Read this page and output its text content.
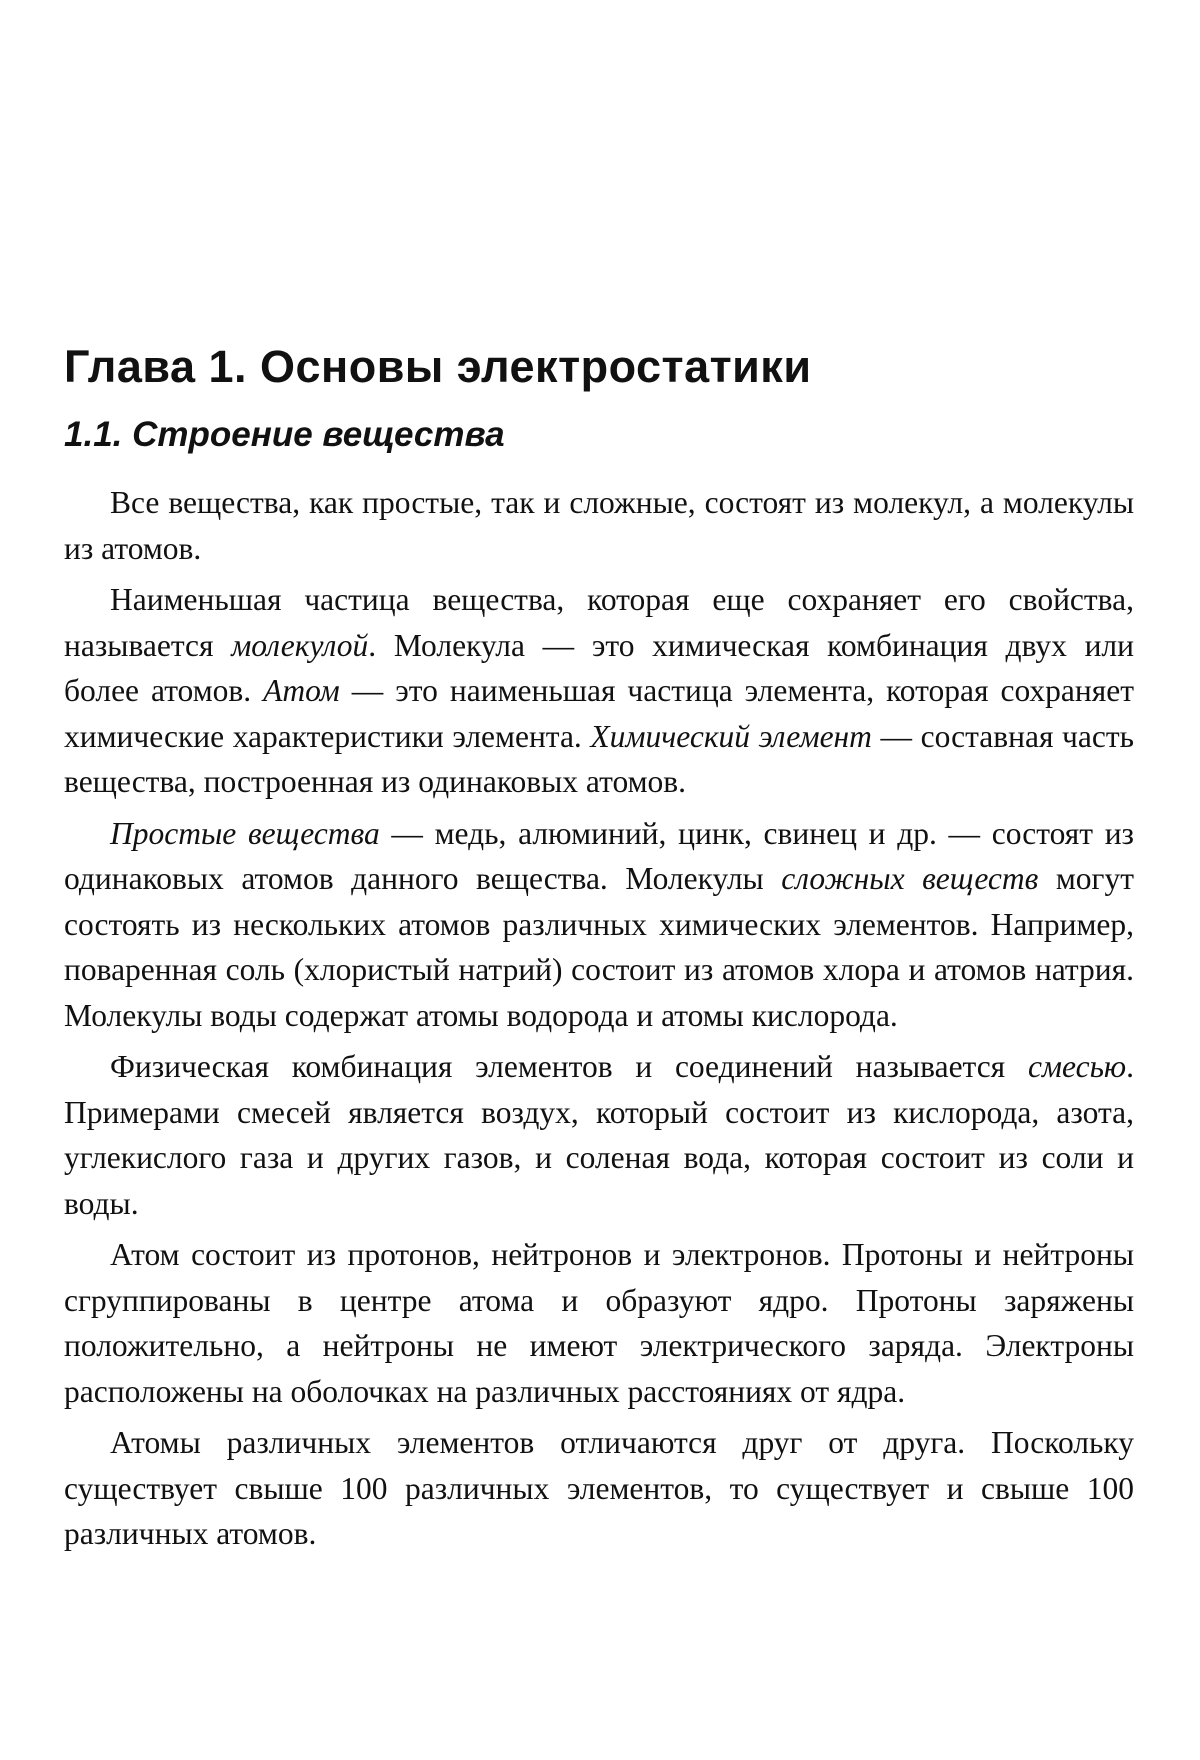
Глава 1. Основы электростатики
1.1. Строение вещества

Все вещества, как простые, так и сложные, состоят из молекул, а молекулы из атомов.

Наименьшая частица вещества, которая еще сохраняет его свойства, называется молекулой. Молекула — это химическая комбинация двух или более атомов. Атом — это наименьшая частица элемента, которая сохраняет химические характеристики элемента. Химический элемент — составная часть вещества, построенная из одинаковых атомов.

Простые вещества — медь, алюминий, цинк, свинец и др. — состоят из одинаковых атомов данного вещества. Молекулы сложных веществ могут состоять из нескольких атомов различных химических элементов. Например, поваренная соль (хлористый натрий) состоит из атомов хлора и атомов натрия. Молекулы воды содержат атомы водорода и атомы кислорода.

Физическая комбинация элементов и соединений называется смесью. Примерами смесей является воздух, который состоит из кислорода, азота, углекислого газа и других газов, и соленая вода, которая состоит из соли и воды.

Атом состоит из протонов, нейтронов и электронов. Протоны и нейтроны сгруппированы в центре атома и образуют ядро. Протоны заряжены положительно, а нейтроны не имеют электрического заряда. Электроны расположены на оболочках на различных расстояниях от ядра.

Атомы различных элементов отличаются друг от друга. Поскольку существует свыше 100 различных элементов, то существует и свыше 100 различных атомов.
